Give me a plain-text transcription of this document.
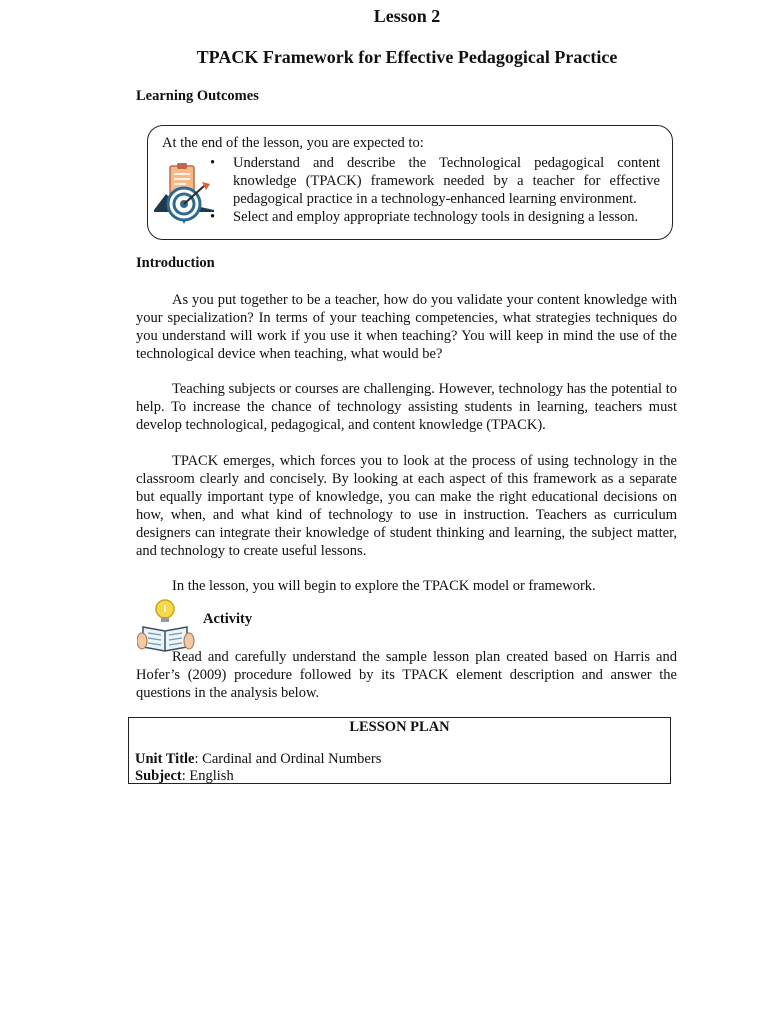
Lesson 2
TPACK Framework for Effective Pedagogical Practice
Learning Outcomes
At the end of the lesson, you are expected to:
• Understand and describe the Technological pedagogical content knowledge (TPACK) framework needed by a teacher for effective pedagogical practice in a technology-enhanced learning environment.
• Select and employ appropriate technology tools in designing a lesson.
Introduction

As you put together to be a teacher, how do you validate your content knowledge with your specialization? In terms of your teaching competencies, what strategies techniques do you understand will work if you use it when teaching? You will keep in mind the use of the technological device when teaching, what would be?

Teaching subjects or courses are challenging. However, technology has the potential to help. To increase the chance of technology assisting students in learning, teachers must develop technological, pedagogical, and content knowledge (TPACK).

TPACK emerges, which forces you to look at the process of using technology in the classroom clearly and concisely. By looking at each aspect of this framework as a separate but equally important type of knowledge, you can make the right educational decisions on how, when, and what kind of technology to use in instruction. Teachers as curriculum designers can integrate their knowledge of student thinking and learning, the subject matter, and technology to create useful lessons.

In the lesson, you will begin to explore the TPACK model or framework.

Activity

Read and carefully understand the sample lesson plan created based on Harris and Hofer’s (2009) procedure followed by its TPACK element description and answer the questions in the analysis below.

LESSON PLAN
Unit Title: Cardinal and Ordinal Numbers
Subject: English
